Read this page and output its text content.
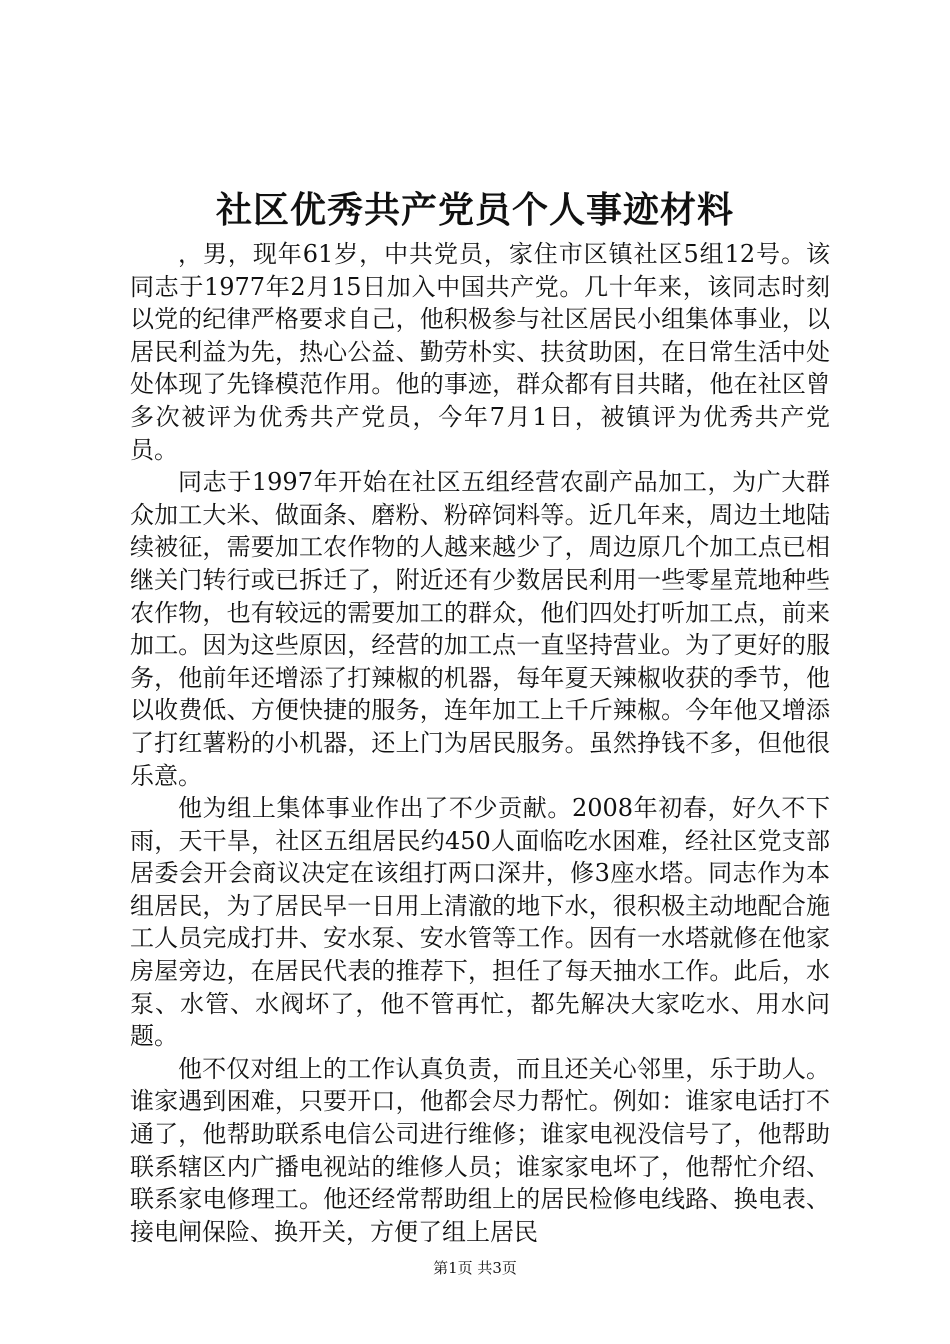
社区优秀共产党员个人事迹材料

，男，现年61岁，中共党员，家住市区镇社区5组12号。该同志于1977年2月15日加入中国共产党。几十年来，该同志时刻以党的纪律严格要求自己，他积极参与社区居民小组集体事业，以居民利益为先，热心公益、勤劳朴实、扶贫助困，在日常生活中处处体现了先锋模范作用。他的事迹，群众都有目共睹，他在社区曾多次被评为优秀共产党员，今年7月1日，被镇评为优秀共产党员。

同志于1997年开始在社区五组经营农副产品加工，为广大群众加工大米、做面条、磨粉、粉碎饲料等。近几年来，周边土地陆续被征，需要加工农作物的人越来越少了，周边原几个加工点已相继关门转行或已拆迁了，附近还有少数居民利用一些零星荒地种些农作物，也有较远的需要加工的群众，他们四处打听加工点，前来加工。因为这些原因，经营的加工点一直坚持营业。为了更好的服务，他前年还增添了打辣椒的机器，每年夏天辣椒收获的季节，他以收费低、方便快捷的服务，连年加工上千斤辣椒。今年他又增添了打红薯粉的小机器，还上门为居民服务。虽然挣钱不多，但他很乐意。

他为组上集体事业作出了不少贡献。2008年初春，好久不下雨，天干旱，社区五组居民约450人面临吃水困难，经社区党支部居委会开会商议决定在该组打两口深井，修3座水塔。同志作为本组居民，为了居民早一日用上清澈的地下水，很积极主动地配合施工人员完成打井、安水泵、安水管等工作。因有一水塔就修在他家房屋旁边，在居民代表的推荐下，担任了每天抽水工作。此后，水泵、水管、水阀坏了，他不管再忙，都先解决大家吃水、用水问题。

他不仅对组上的工作认真负责，而且还关心邻里，乐于助人。谁家遇到困难，只要开口，他都会尽力帮忙。例如：谁家电话打不通了，他帮助联系电信公司进行维修；谁家电视没信号了，他帮助联系辖区内广播电视站的维修人员；谁家家电坏了，他帮忙介绍、联系家电修理工。他还经常帮助组上的居民检修电线路、换电表、接电闸保险、换开关，方便了组上居民

第1页 共3页
